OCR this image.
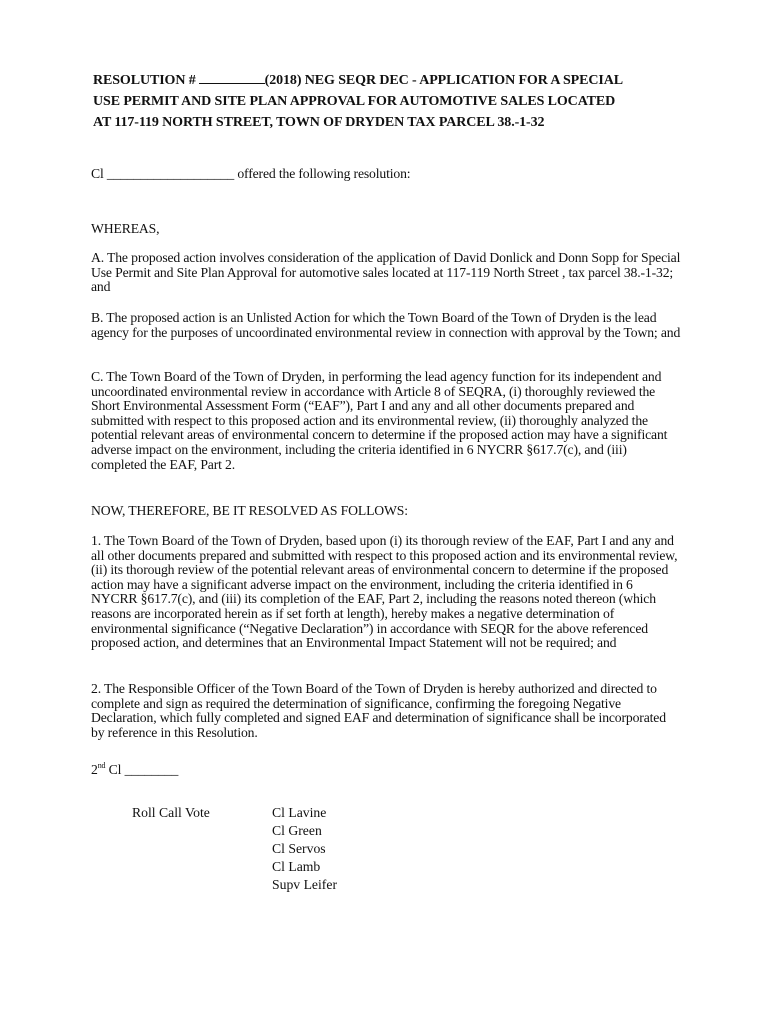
RESOLUTION #	(2018) NEG SEQR DEC - APPLICATION FOR A SPECIAL
USE PERMIT AND SITE PLAN APPROVAL FOR AUTOMOTIVE SALES LOCATED
AT 117-119 NORTH STREET, TOWN OF DRYDEN TAX PARCEL 38.-1-32

Cl ___________________ offered the following resolution:

WHEREAS,

A. The proposed action involves consideration of the application of David Donlick and Donn Sopp for Special Use Permit and Site Plan Approval for automotive sales located at 117-119 North Street , tax parcel 38.-1-32; and

B. The proposed action is an Unlisted Action for which the Town Board of the Town of Dryden is the lead agency for the purposes of uncoordinated environmental review in connection with approval by the Town; and

C. The Town Board of the Town of Dryden, in performing the lead agency function for its independent and uncoordinated environmental review in accordance with Article 8 of SEQRA, (i) thoroughly reviewed the Short Environmental Assessment Form (“EAF”), Part I and any and all other documents prepared and submitted with respect to this proposed action and its environmental review, (ii) thoroughly analyzed the potential relevant areas of environmental concern to determine if the proposed action may have a significant adverse impact on the environment, including the criteria identified in 6 NYCRR §617.7(c), and (iii) completed the EAF, Part 2.

NOW, THEREFORE, BE IT RESOLVED AS FOLLOWS:

1. The Town Board of the Town of Dryden, based upon (i) its thorough review of the EAF, Part I and any and all other documents prepared and submitted with respect to this proposed action and its environmental review, (ii) its thorough review of the potential relevant areas of environmental concern to determine if the proposed action may have a significant adverse impact on the environment, including the criteria identified in 6 NYCRR §617.7(c), and (iii) its completion of the EAF, Part 2, including the reasons noted thereon (which reasons are incorporated herein as if set forth at length), hereby makes a negative determination of environmental significance (“Negative Declaration”) in accordance with SEQR for the above referenced proposed action, and determines that an Environmental Impact Statement will not be required; and

2. The Responsible Officer of the Town Board of the Town of Dryden is hereby authorized and directed to complete and sign as required the determination of significance, confirming the foregoing Negative Declaration, which fully completed and signed EAF and determination of significance shall be incorporated by reference in this Resolution.

2nd Cl ________

Roll Call Vote	Cl Lavine
Cl Green
Cl Servos
Cl Lamb
Supv Leifer
